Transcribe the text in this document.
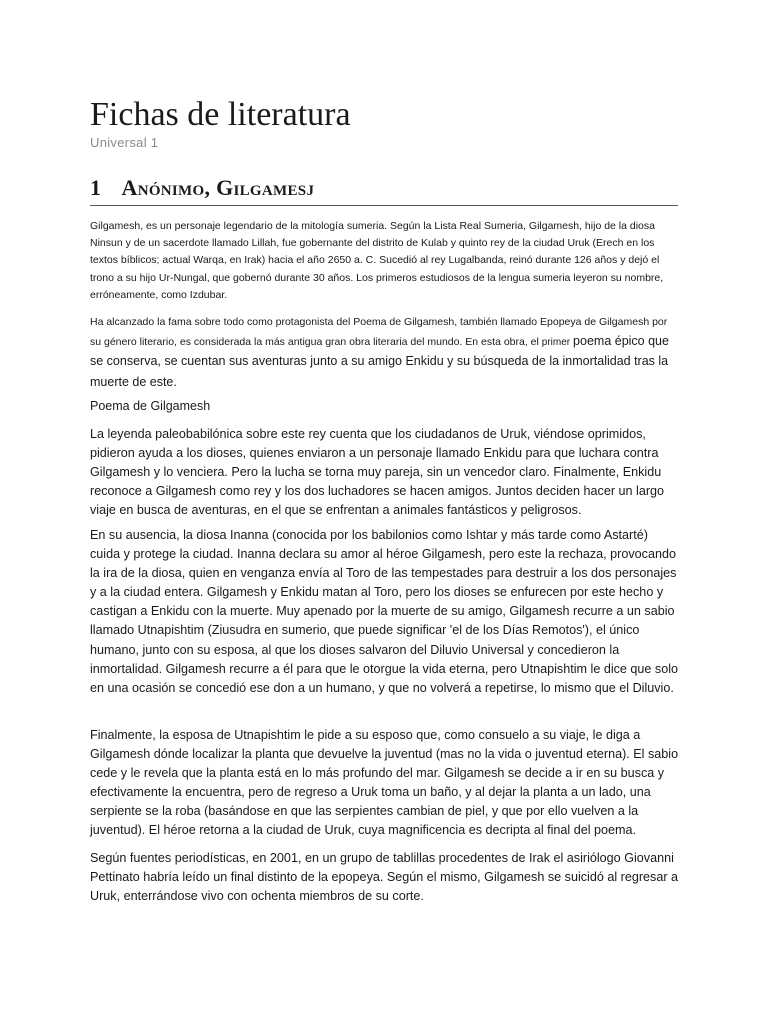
Fichas de literatura
Universal 1
1 Anónimo, Gilgamesj

Gilgamesh, es un personaje legendario de la mitología sumeria. Según la Lista Real Sumeria, Gilgamesh, hijo de la diosa Ninsun y de un sacerdote llamado Lillah, fue gobernante del distrito de Kulab y quinto rey de la ciudad Uruk (Erech en los textos bíblicos; actual Warqa, en Irak) hacia el año 2650 a. C. Sucedió al rey Lugalbanda, reinó durante 126 años y dejó el trono a su hijo Ur-Nungal, que gobernó durante 30 años. Los primeros estudiosos de la lengua sumeria leyeron su nombre, erróneamente, como Izdubar.

Ha alcanzado la fama sobre todo como protagonista del Poema de Gilgamesh, también llamado Epopeya de Gilgamesh por su género literario, es considerada la más antigua gran obra literaria del mundo. En esta obra, el primer poema épico que se conserva, se cuentan sus aventuras junto a su amigo Enkidu y su búsqueda de la inmortalidad tras la muerte de este.

Poema de Gilgamesh

La leyenda paleobabilónica sobre este rey cuenta que los ciudadanos de Uruk, viéndose oprimidos, pidieron ayuda a los dioses, quienes enviaron a un personaje llamado Enkidu para que luchara contra Gilgamesh y lo venciera. Pero la lucha se torna muy pareja, sin un vencedor claro. Finalmente, Enkidu reconoce a Gilgamesh como rey y los dos luchadores se hacen amigos. Juntos deciden hacer un largo viaje en busca de aventuras, en el que se enfrentan a animales fantásticos y peligrosos.

En su ausencia, la diosa Inanna (conocida por los babilonios como Ishtar y más tarde como Astarté) cuida y protege la ciudad. Inanna declara su amor al héroe Gilgamesh, pero este la rechaza, provocando la ira de la diosa, quien en venganza envía al Toro de las tempestades para destruir a los dos personajes y a la ciudad entera. Gilgamesh y Enkidu matan al Toro, pero los dioses se enfurecen por este hecho y castigan a Enkidu con la muerte. Muy apenado por la muerte de su amigo, Gilgamesh recurre a un sabio llamado Utnapishtim (Ziusudra en sumerio, que puede significar 'el de los Días Remotos'), el único humano, junto con su esposa, al que los dioses salvaron del Diluvio Universal y concedieron la inmortalidad. Gilgamesh recurre a él para que le otorgue la vida eterna, pero Utnapishtim le dice que solo en una ocasión se concedió ese don a un humano, y que no volverá a repetirse, lo mismo que el Diluvio.

Finalmente, la esposa de Utnapishtim le pide a su esposo que, como consuelo a su viaje, le diga a Gilgamesh dónde localizar la planta que devuelve la juventud (mas no la vida o juventud eterna). El sabio cede y le revela que la planta está en lo más profundo del mar. Gilgamesh se decide a ir en su busca y efectivamente la encuentra, pero de regreso a Uruk toma un baño, y al dejar la planta a un lado, una serpiente se la roba (basándose en que las serpientes cambian de piel, y que por ello vuelven a la juventud). El héroe retorna a la ciudad de Uruk, cuya magnificencia es decripta al final del poema.

Según fuentes periodísticas, en 2001, en un grupo de tablillas procedentes de Irak el asiriólogo Giovanni Pettinato habría leído un final distinto de la epopeya. Según el mismo, Gilgamesh se suicidó al regresar a Uruk, enterrándose vivo con ochenta miembros de su corte.
